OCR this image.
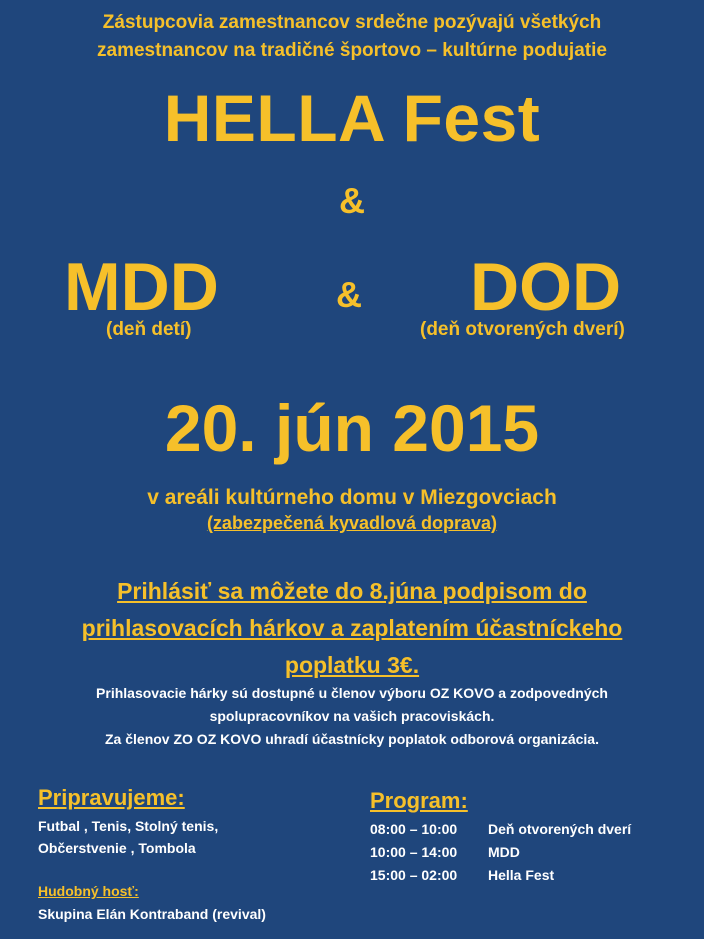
Zástupcovia zamestnancov srdečne pozývajú všetkých
zamestnancov na tradičné športovo – kultúrne podujatie
HELLA Fest
&
MDD
(deň detí)
& DOD
(deň otvorených dverí)
20. jún 2015
v areáli kultúrneho domu v Miezgovciach
(zabezpečená kyvadlová doprava)
Prihlásiť sa môžete do 8.júna podpisom do
prihlasovacích hárkov a zaplatením účastníckeho
poplatku 3€.
Prihlasovacie hárky sú dostupné u členov výboru OZ KOVO a zodpovedných
spolupracovníkov na vašich pracoviskách.
Za členov ZO OZ KOVO uhradí účastnícky poplatok odborová organizácia.
Pripravujeme:
Futbal , Tenis, Stolný tenis,
Občerstvenie , Tombola
Hudobný hosť:
Skupina Elán Kontraband (revival)
Program:
08:00 – 10:00 Deň otvorených dverí
10:00 – 14:00 MDD
15:00 – 02:00 Hella Fest
